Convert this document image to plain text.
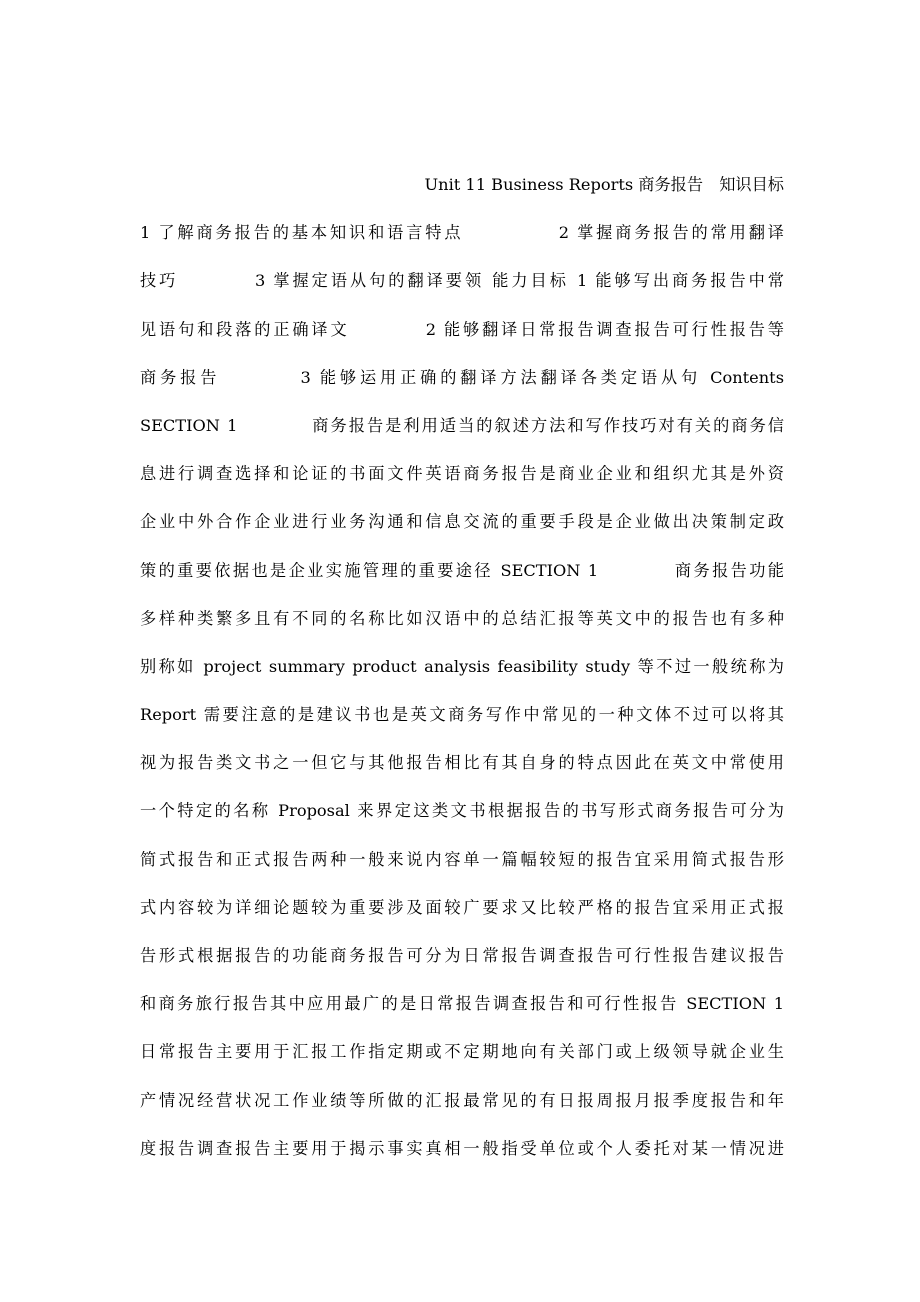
Unit 11 Business Reports 商务报告　知识目标
1 了解商务报告的基本知识和语言特点　　　　　2 掌握商务报告的常用翻译
技巧　　　　3 掌握定语从句的翻译要领 能力目标 1 能够写出商务报告中常
见语句和段落的正确译文　　　　2 能够翻译日常报告调查报告可行性报告等
商务报告　　　　3 能够运用正确的翻译方法翻译各类定语从句 Contents
SECTION 1　　　　商务报告是利用适当的叙述方法和写作技巧对有关的商务信
息进行调查选择和论证的书面文件英语商务报告是商业企业和组织尤其是外资
企业中外合作企业进行业务沟通和信息交流的重要手段是企业做出决策制定政
策的重要依据也是企业实施管理的重要途径 SECTION 1　　　　商务报告功能
多样种类繁多且有不同的名称比如汉语中的总结汇报等英文中的报告也有多种
别称如 project summary product analysis feasibility study 等不过一般统称为
Report 需要注意的是建议书也是英文商务写作中常见的一种文体不过可以将其
视为报告类文书之一但它与其他报告相比有其自身的特点因此在英文中常使用
一个特定的名称 Proposal 来界定这类文书根据报告的书写形式商务报告可分为
简式报告和正式报告两种一般来说内容单一篇幅较短的报告宜采用简式报告形
式内容较为详细论题较为重要涉及面较广要求又比较严格的报告宜采用正式报
告形式根据报告的功能商务报告可分为日常报告调查报告可行性报告建议报告
和商务旅行报告其中应用最广的是日常报告调查报告和可行性报告 SECTION 1
日常报告主要用于汇报工作指定期或不定期地向有关部门或上级领导就企业生
产情况经营状况工作业绩等所做的汇报最常见的有日报周报月报季度报告和年
度报告调查报告主要用于揭示事实真相一般指受单位或个人委托对某一情况进
